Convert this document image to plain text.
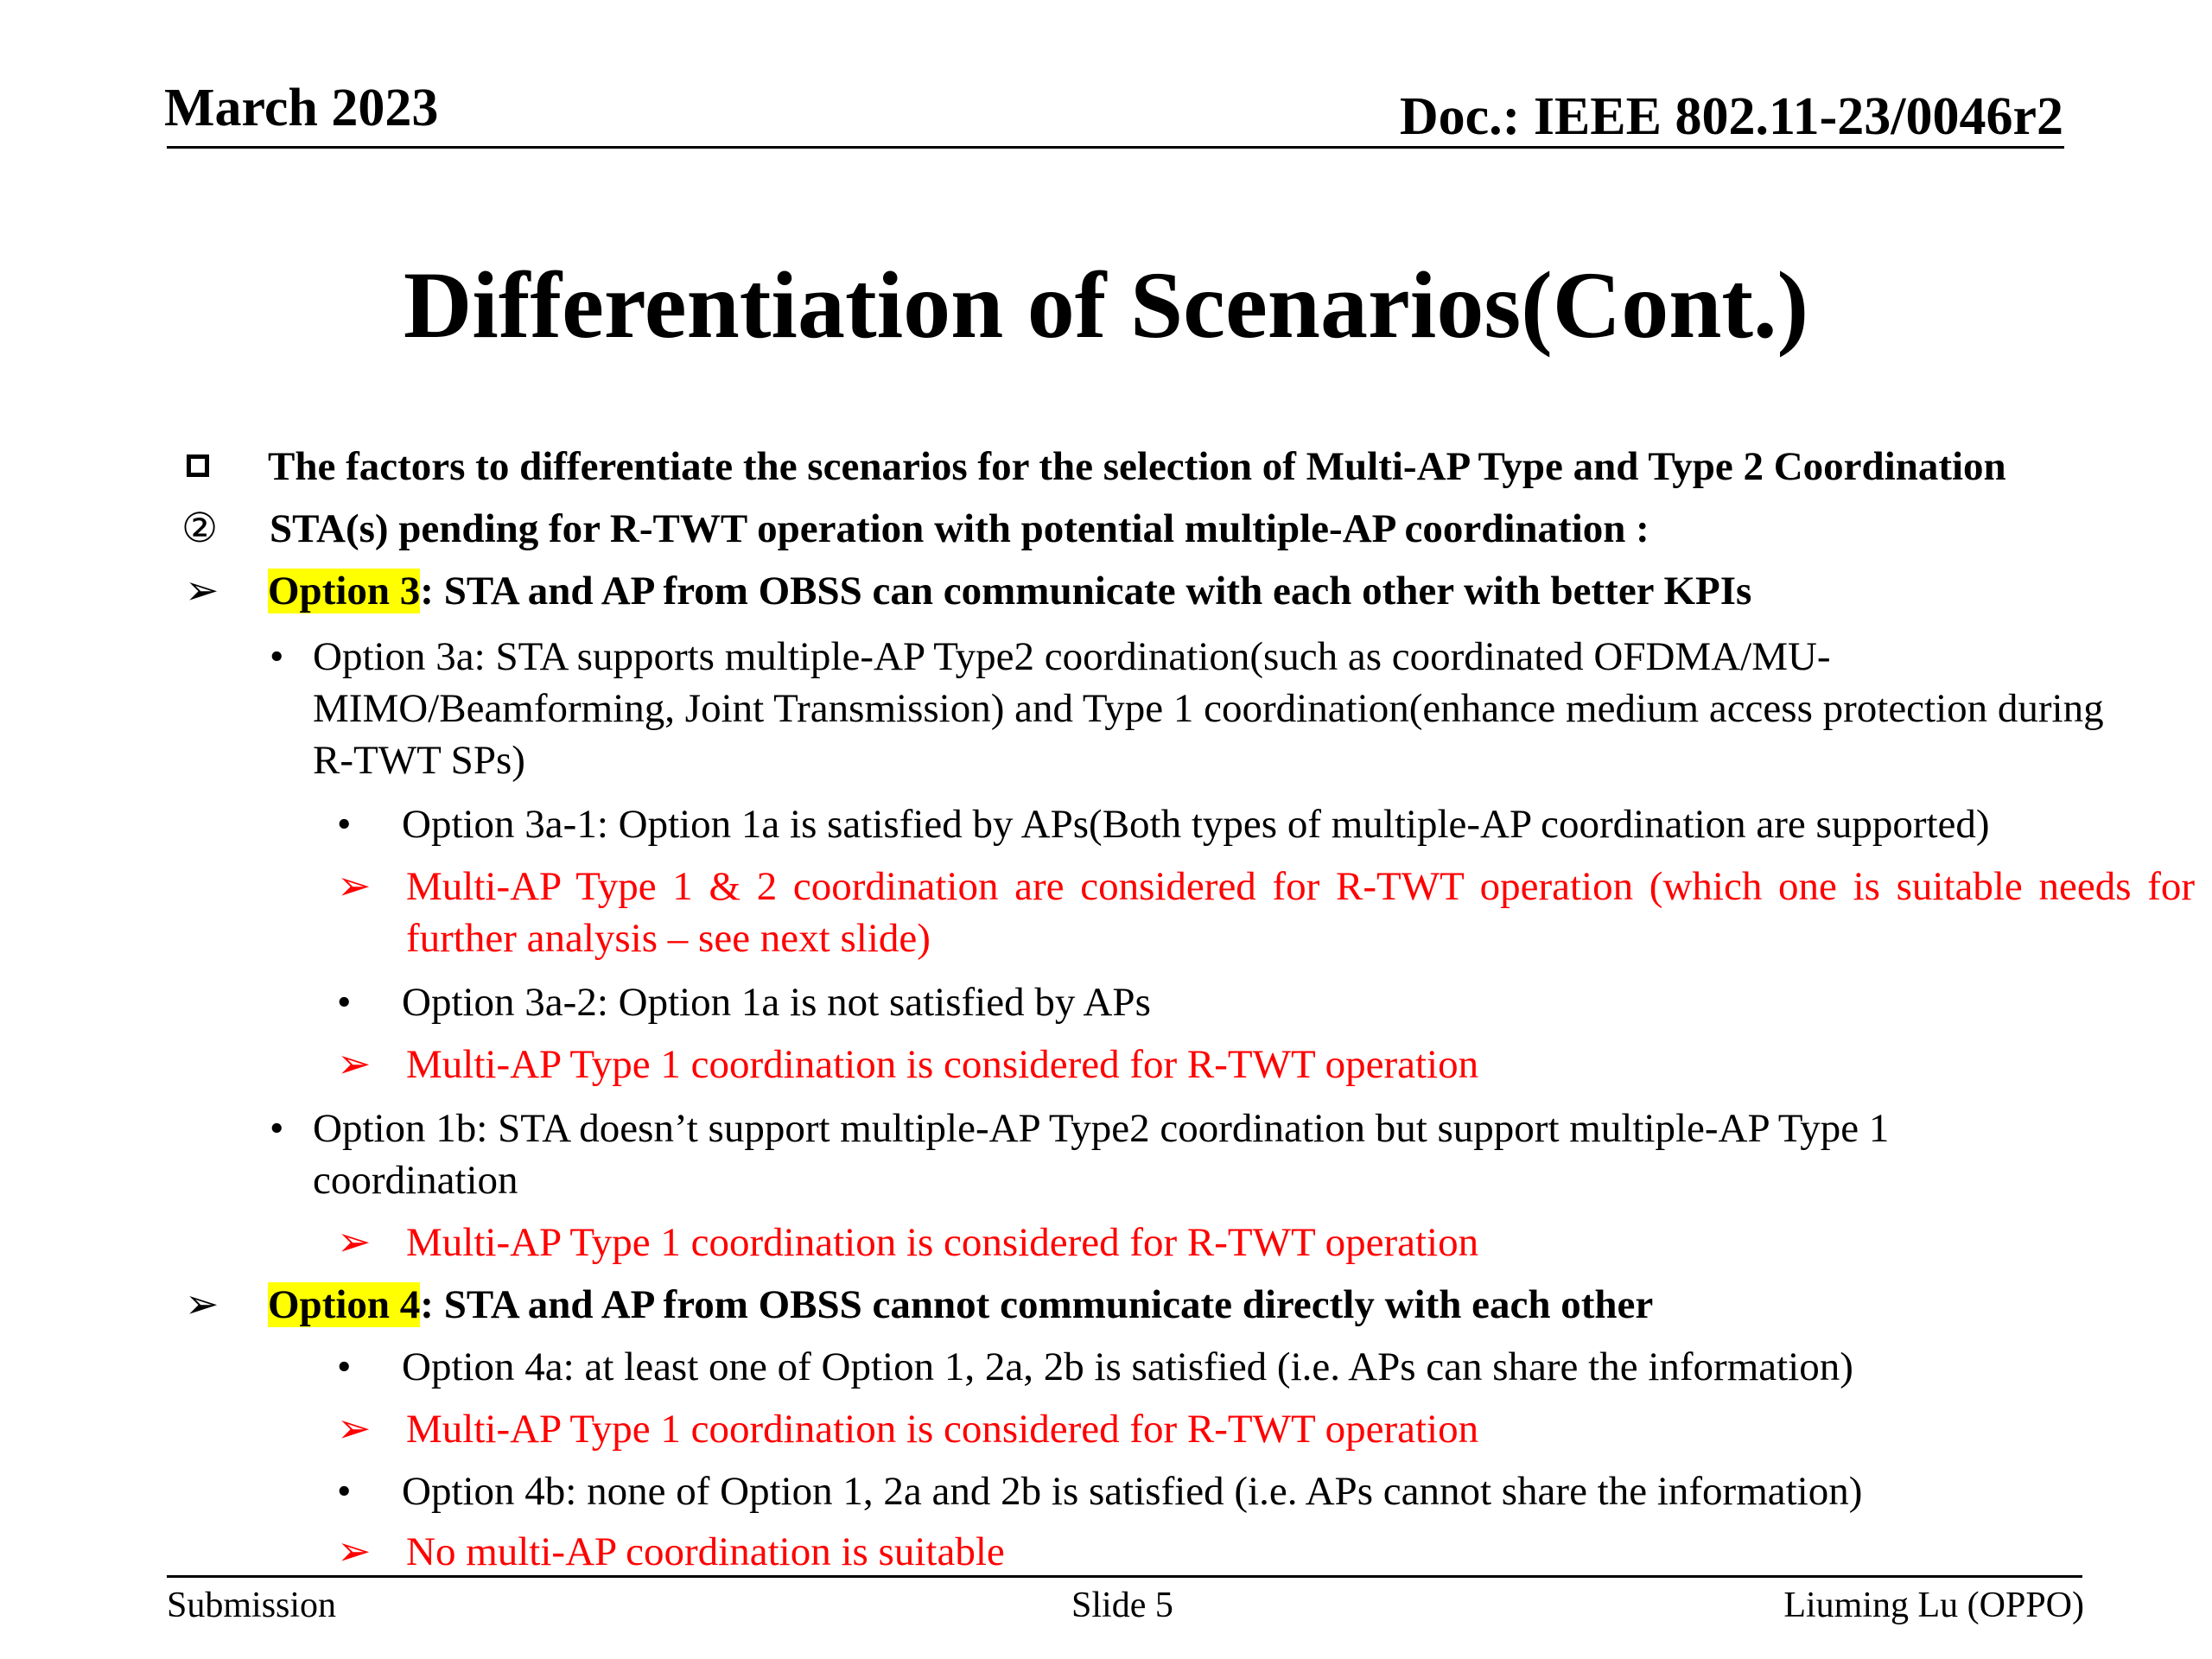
March 2023	Doc.: IEEE 802.11-23/0046r2
Differentiation of Scenarios(Cont.)
The factors to differentiate the scenarios for the selection of Multi-AP Type and Type 2 Coordination
② STA(s) pending for R-TWT operation with potential multiple-AP coordination :
➢ Option 3: STA and AP from OBSS can communicate with each other with better KPIs
• Option 3a: STA supports multiple-AP Type2 coordination(such as coordinated OFDMA/MU-MIMO/Beamforming, Joint Transmission) and Type 1 coordination(enhance medium access protection during R-TWT SPs)
• Option 3a-1: Option 1a is satisfied by APs(Both types of multiple-AP coordination are supported)
➢ Multi-AP Type 1 & 2 coordination are considered for R-TWT operation (which one is suitable needs for further analysis – see next slide)
• Option 3a-2: Option 1a is not satisfied by APs
➢ Multi-AP Type 1 coordination is considered for R-TWT operation
• Option 1b: STA doesn’t support multiple-AP Type2 coordination but support multiple-AP Type 1 coordination
➢ Multi-AP Type 1 coordination is considered for R-TWT operation
➢ Option 4: STA and AP from OBSS cannot communicate directly with each other
• Option 4a: at least one of Option 1, 2a, 2b is satisfied (i.e. APs can share the information)
➢ Multi-AP Type 1 coordination is considered for R-TWT operation
• Option 4b: none of Option 1, 2a and 2b is satisfied (i.e. APs cannot share the information)
➢ No multi-AP coordination is suitable
Submission	Slide 5	Liuming Lu (OPPO)
